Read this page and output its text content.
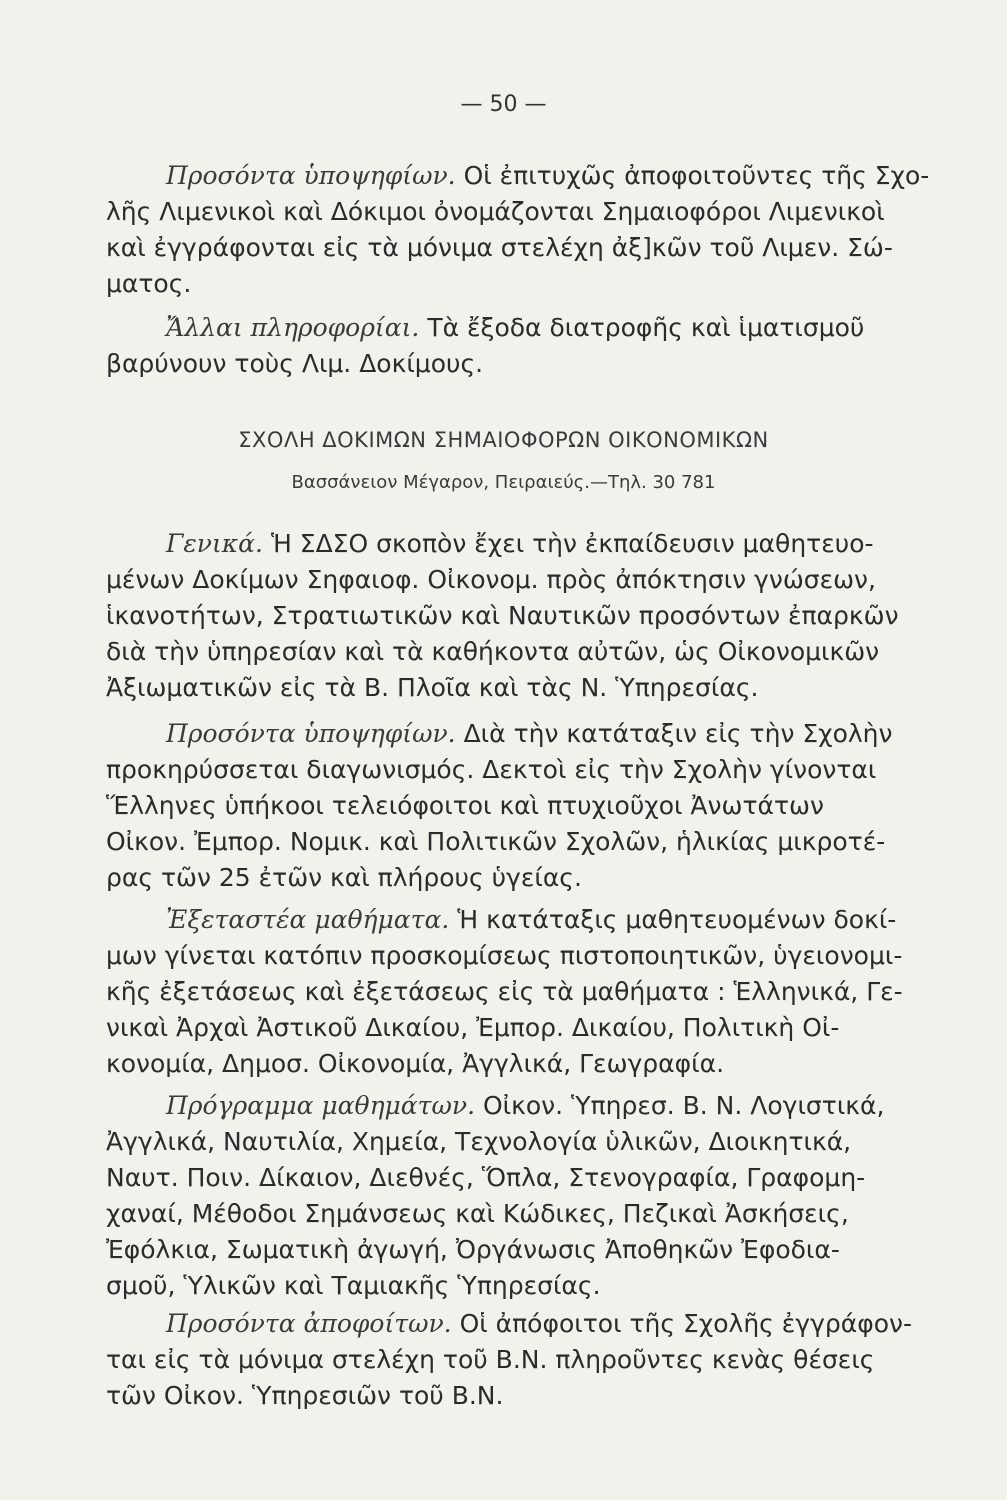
— 50 —
Προσόντα ὑποψηφίων. Οἱ ἐπιτυχῶς ἀποφοιτοῦντες τῆς Σχο-
λῆς Λιμενικοὶ καὶ Δόκιμοι ὀνομάζονται Σημαιοφόροι Λιμενικοὶ
καὶ ἐγγράφονται εἰς τὰ μόνιμα στελέχη ἀξ]κῶν τοῦ Λιμεν. Σώ-
ματος.
Ἄλλαι πληροφορίαι. Τὰ ἔξοδα διατροφῆς καὶ ἱματισμοῦ
βαρύνουν τοὺς Λιμ. Δοκίμους.
ΣΧΟΛΗ ΔΟΚΙΜΩΝ ΣΗΜΑΙΟΦΟΡΩΝ ΟΙΚΟΝΟΜΙΚΩΝ
Βασσάνειον Μέγαρον, Πειραιεύς.—Τηλ. 30 781
Γενικά. Ἡ ΣΔΣΟ σκοπὸν ἔχει τὴν ἐκπαίδευσιν μαθητευο-
μένων Δοκίμων Σηφαιοφ. Οἰκονομ. πρὸς ἀπόκτησιν γνώσεων,
ἱκανοτήτων, Στρατιωτικῶν καὶ Ναυτικῶν προσόντων ἐπαρκῶν
διὰ τὴν ὑπηρεσίαν καὶ τὰ καθήκοντα αὐτῶν, ὡς Οἰκονομικῶν
Ἀξιωματικῶν εἰς τὰ Β. Πλοῖα καὶ τὰς Ν. Ὑπηρεσίας.
Προσόντα ὑποψηφίων. Διὰ τὴν κατάταξιν εἰς τὴν Σχολὴν
προκηρύσσεται διαγωνισμός. Δεκτοὶ εἰς τὴν Σχολὴν γίνονται
Ἕλληνες ὑπήκοοι τελειόφοιτοι καὶ πτυχιοῦχοι Ἀνωτάτων
Οἰκον. Ἐμπορ. Νομικ. καὶ Πολιτικῶν Σχολῶν, ἡλικίας μικροτέ-
ρας τῶν 25 ἐτῶν καὶ πλήρους ὑγείας.
Ἐξεταστέα μαθήματα. Ἡ κατάταξις μαθητευομένων δοκί-
μων γίνεται κατόπιν προσκομίσεως πιστοποιητικῶν, ὑγειονομι-
κῆς ἐξετάσεως καὶ ἐξετάσεως εἰς τὰ μαθήματα : Ἑλληνικά, Γε-
νικαὶ Ἀρχαὶ Ἀστικοῦ Δικαίου, Ἐμπορ. Δικαίου, Πολιτικὴ Οἰ-
κονομία, Δημοσ. Οἰκονομία, Ἀγγλικά, Γεωγραφία.
Πρόγραμμα μαθημάτων. Οἰκον. Ὑπηρεσ. Β. Ν. Λογιστικά,
Ἀγγλικά, Ναυτιλία, Χημεία, Τεχνολογία ὑλικῶν, Διοικητικά,
Ναυτ. Ποιν. Δίκαιον, Διεθνές, Ὅπλα, Στενογραφία, Γραφομη-
χαναί, Μέθοδοι Σημάνσεως καὶ Κώδικες, Πεζικαὶ Ἀσκήσεις,
Ἐφόλκια, Σωματικὴ ἀγωγή, Ὀργάνωσις Ἀποθηκῶν Ἐφοδια-
σμοῦ, Ὑλικῶν καὶ Ταμιακῆς Ὑπηρεσίας.
Προσόντα ἀποφοίτων. Οἱ ἀπόφοιτοι τῆς Σχολῆς ἐγγράφον-
ται εἰς τὰ μόνιμα στελέχη τοῦ Β.Ν. πληροῦντες κενὰς θέσεις
τῶν Οἰκον. Ὑπηρεσιῶν τοῦ Β.Ν.
